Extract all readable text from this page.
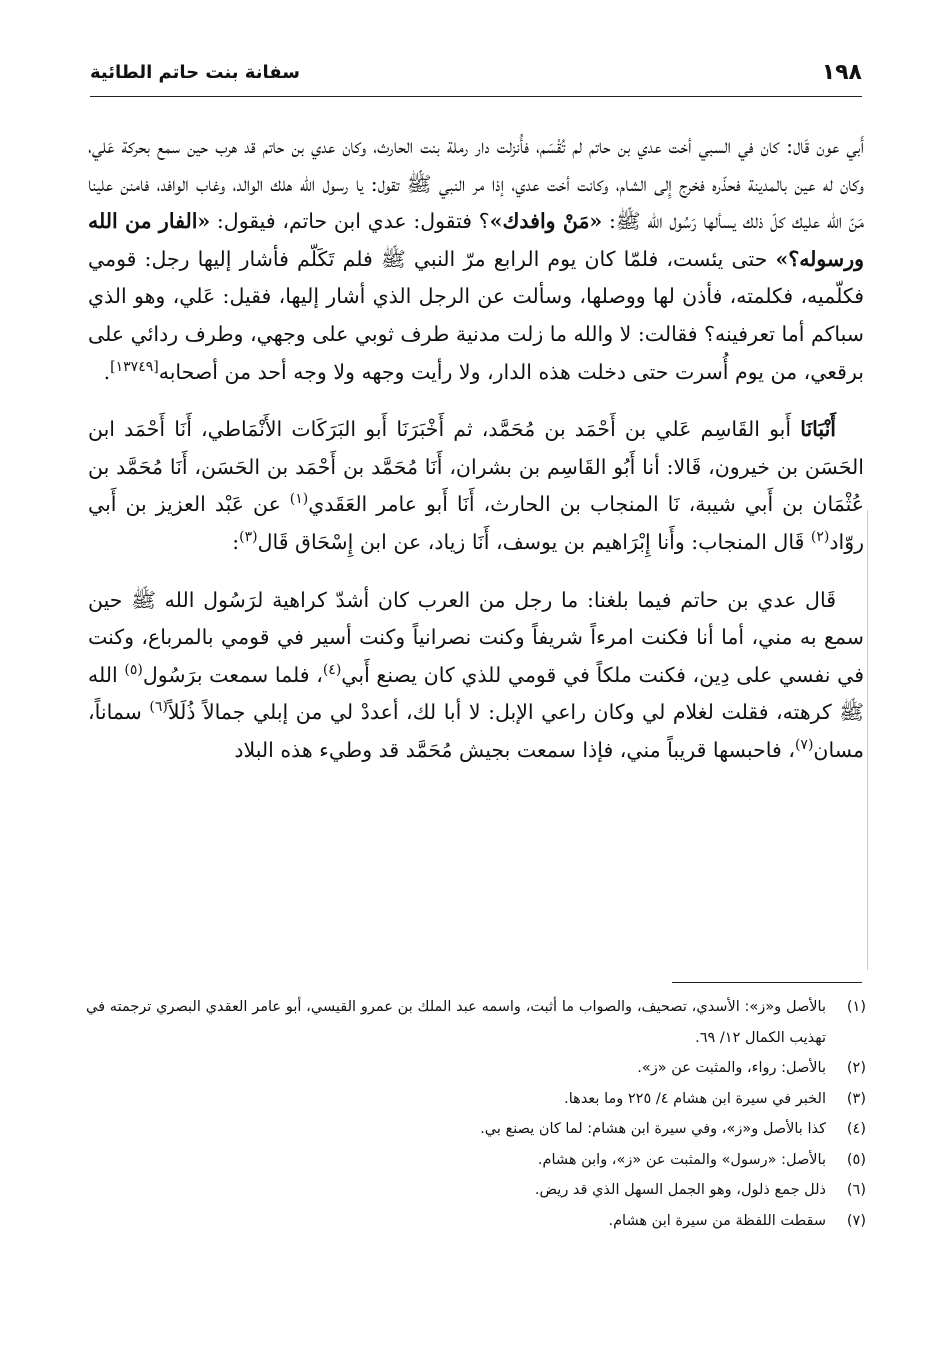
١٩٨
سفانة بنت حاتم الطائية

أَبي عون قَال: كان في السبي أخت عدي بن حاتم لم تُقْسَم، فأُنزلت دار رملة بنت الحارث، وكان عدي بن حاتم قد هرب حين سمع بحركة عَلي، وكان له عين بالمدينة فحذّره فخرج إِلى الشام، وكانت أخت عدي، إذا مر النبي ﷺ تقول: يا رسول الله هلك الوالد، وغاب الوافد، فامنن علينا مَنّ الله عليك كلّ ذلك يسألها رَسُول الله ﷺ: «مَنْ وافدك»؟ فتقول: عدي ابن حاتم، فيقول: «الفار من الله ورسوله؟» حتى يئست، فلمّا كان يوم الرابع مرّ النبي ﷺ فلم تَكَلّم فأشار إليها رجل: قومي فكلّميه، فكلمته، فأذن لها ووصلها، وسألت عن الرجل الذي أشار إليها، فقيل: عَلي، وهو الذي سباكم أما تعرفينه؟ فقالت: لا والله ما زلت مدنية طرف ثوبي على وجهي، وطرف ردائي على برقعي، من يوم أُسرت حتى دخلت هذه الدار، ولا رأيت وجهه ولا وجه أحد من أصحابه[١٣٧٤٩].

أَنْبَانَا أَبو القَاسِم عَلي بن أَحْمَد بن مُحَمَّد، ثم أَخْبَرَنَا أَبو البَرَكَات الأَنْمَاطي، أَنَا أَحْمَد ابن الحَسَن بن خيرون، قَالا: أنا أَبُو القَاسِم بن بشران، أَنَا مُحَمَّد بن أَحْمَد بن الحَسَن، أَنَا مُحَمَّد بن عُثْمَان بن أَبي شيبة، نَا المنجاب بن الحارث، أَنَا أَبو عامر العَقَدي$^{(١)}$ عن عَبْد العزيز بن أَبي روّاد$^{(٢)}$ قَال المنجاب: وأَنا إِبْرَاهيم بن يوسف، أَنَا زياد، عن ابن إِسْحَاق قَال$^{(٣)}$:

قَال عدي بن حاتم فيما بلغنا: ما رجل من العرب كان أشدّ كراهية لرَسُول الله ﷺ حين سمع به مني، أما أنا فكنت امرءاً شريفاً وكنت نصرانياً وكنت أسير في قومي بالمرباع، وكنت في نفسي على دِين، فكنت ملكاً في قومي للذي كان يصنع أَبي$^{(٤)}$، فلما سمعت برَسُول$^{(٥)}$ الله ﷺ كرهته، فقلت لغلام لي وكان راعي الإبل: لا أبا لك، أعددْ لي من إبلي جمالاً ذُلَلاً$^{(٦)}$ سماناً، مسان$^{(٧)}$، فاحبسها قريباً مني، فإذا سمعت بجيش مُحَمَّد قد وطيء هذه البلاد

(١)
بالأصل و«ز»: الأسدي، تصحيف، والصواب ما أثبت، واسمه عبد الملك بن عمرو القيسي، أبو عامر العقدي البصري ترجمته في تهذيب الكمال ١٢/ ٦٩.

(٢)
بالأصل: رواء، والمثبت عن «ز».

(٣)
الخبر في سيرة ابن هشام ٤/ ٢٢٥ وما بعدها.

(٤)
كذا بالأصل و«ز»، وفي سيرة ابن هشام: لما كان يصنع بي.

(٥)
بالأصل: «رسول» والمثبت عن «ز»، وابن هشام.

(٦)
ذلل جمع ذلول، وهو الجمل السهل الذي قد ريض.

(٧)
سقطت اللفظة من سيرة ابن هشام.
